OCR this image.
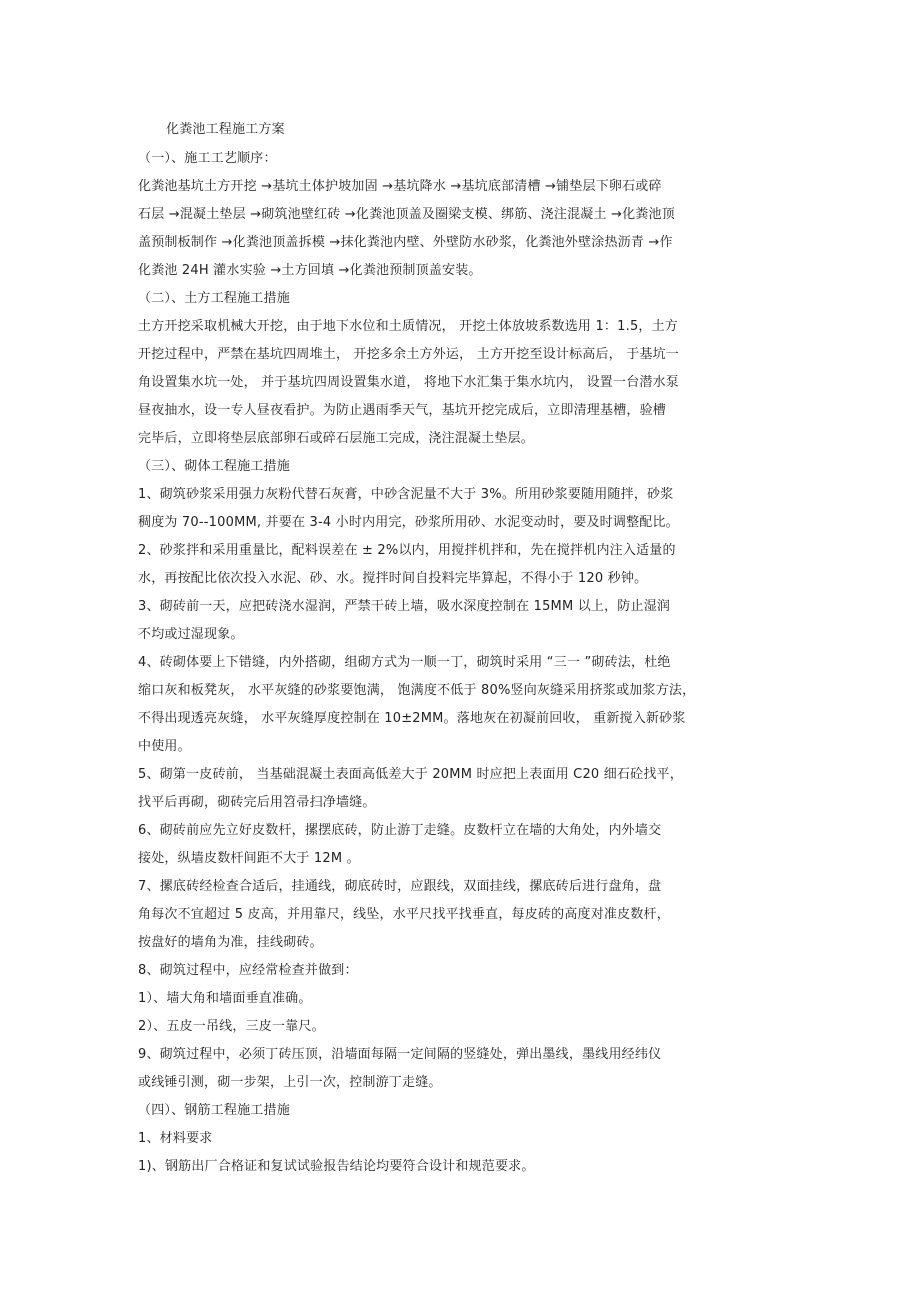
化粪池工程施工方案
（一）、施工工艺顺序：
化粪池基坑土方开挖 →基坑土体护坡加固 →基坑降水 →基坑底部清槽 →铺垫层下卵石或碎
石层 →混凝土垫层 →砌筑池壁红砖 →化粪池顶盖及圈梁支模、绑筋、浇注混凝土 →化粪池顶
盖预制板制作 →化粪池顶盖拆模 →抹化粪池内壁、外壁防水砂浆，化粪池外壁涂热沥青 →作
化粪池 24H 灌水实验 →土方回填 →化粪池预制顶盖安装。
（二）、土方工程施工措施
土方开挖采取机械大开挖，由于地下水位和土质情况， 开挖土体放坡系数选用 1：1.5，土方
开挖过程中，严禁在基坑四周堆土， 开挖多余土方外运， 土方开挖至设计标高后， 于基坑一
角设置集水坑一处， 并于基坑四周设置集水道， 将地下水汇集于集水坑内， 设置一台潜水泵
昼夜抽水，设一专人昼夜看护。为防止遇雨季天气，基坑开挖完成后，立即清理基槽，验槽
完毕后，立即将垫层底部卵石或碎石层施工完成，浇注混凝土垫层。
（三）、砌体工程施工措施
1、砌筑砂浆采用强力灰粉代替石灰膏，中砂含泥量不大于 3%。所用砂浆要随用随拌，砂浆
稠度为 70--100MM, 并要在 3-4 小时内用完，砂浆所用砂、水泥变动时，要及时调整配比。
2、砂浆拌和采用重量比，配料误差在 ± 2%以内，用搅拌机拌和，先在搅拌机内注入适量的
水，再按配比依次投入水泥、砂、水。搅拌时间自投料完毕算起，不得小于 120 秒钟。
3、砌砖前一天，应把砖浇水湿润，严禁干砖上墙，吸水深度控制在 15MM 以上，防止湿润
不均或过湿现象。
4、砖砌体要上下错缝，内外搭砌，组砌方式为一顺一丁，砌筑时采用 “三一 ”砌砖法，杜绝
缩口灰和板凳灰， 水平灰缝的砂浆要饱满， 饱满度不低于 80%竖向灰缝采用挤浆或加浆方法，
不得出现透亮灰缝， 水平灰缝厚度控制在 10±2MM。落地灰在初凝前回收， 重新搅入新砂浆
中使用。
5、砌第一皮砖前， 当基础混凝土表面高低差大于 20MM 时应把上表面用 C20 细石砼找平，
找平后再砌，砌砖完后用笤帚扫净墙缝。
6、砌砖前应先立好皮数杆，摞摆底砖，防止游丁走缝。皮数杆立在墙的大角处，内外墙交
接处，纵墙皮数杆间距不大于 12M 。
7、摞底砖经检查合适后，挂通线，砌底砖时，应跟线，双面挂线，摞底砖后进行盘角，盘
角每次不宜超过 5 皮高，并用靠尺，线坠，水平尺找平找垂直，每皮砖的高度对准皮数杆，
按盘好的墙角为准，挂线砌砖。
8、砌筑过程中，应经常检查并做到：
1）、墙大角和墙面垂直准确。
2）、五皮一吊线，三皮一靠尺。
9、砌筑过程中，必须丁砖压顶，沿墙面每隔一定间隔的竖缝处，弹出墨线，墨线用经纬仪
或线锤引测，砌一步架，上引一次，控制游丁走缝。
（四）、钢筋工程施工措施
1、材料要求
1)、钢筋出厂合格证和复试试验报告结论均要符合设计和规范要求。
